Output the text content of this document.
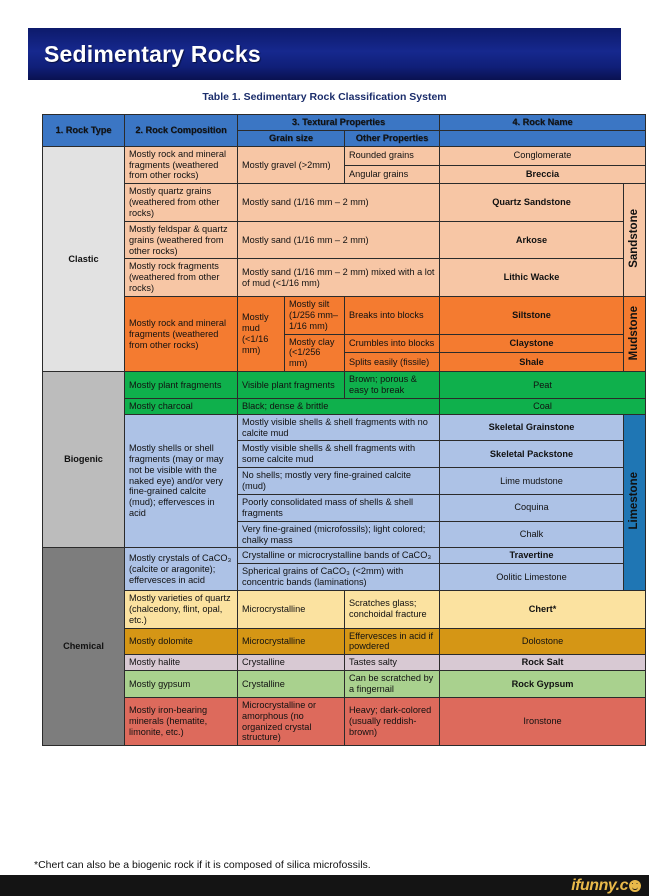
Sedimentary Rocks
Table 1. Sedimentary Rock Classification System
1. Rock Type	2. Rock Composition	3. Textural Properties			4. Rock Name	
		Grain size		Other Properties		
Clastic	Mostly rock and mineral fragments (weathered from other rocks)	Mostly gravel (>2mm)		Rounded grains	Conglomerate	
				Angular grains	Breccia	
	Mostly quartz grains (weathered from other rocks)	Mostly sand (1/16 mm – 2 mm)			Quartz Sandstone	Sandstone
	Mostly feldspar & quartz grains (weathered from other rocks)	Mostly sand (1/16 mm – 2 mm)			Arkose	
	Mostly rock fragments (weathered from other rocks)	Mostly sand (1/16 mm – 2 mm) mixed with a lot of mud (<1/16 mm)			Lithic Wacke	
	Mostly rock and mineral fragments (weathered from other rocks)	Mostly mud (<1/16 mm)	Mostly silt (1/256 mm–1/16 mm)	Breaks into blocks	Siltstone	Mudstone

			Mostly clay (<1/256 mm)	Crumbles into blocks	Claystone	
				Splits easily (fissile)	Shale	
Biogenic	Mostly plant fragments	Visible plant fragments		Brown; porous & easy to break	Peat	
	Mostly charcoal	Black; dense & brittle			Coal	
	Mostly shells or shell fragments (may or may not be visible with the naked eye) and/or very fine-grained calcite (mud); effervesces in acid	Mostly visible shells & shell fragments with no calcite mud			Skeletal Grainstone	Limestone
		Mostly visible shells & shell fragments with some calcite mud			Skeletal Packstone	
		No shells; mostly very fine-grained calcite (mud)			Lime mudstone	
		Poorly consolidated mass of shells & shell fragments			Coquina	
		Very fine-grained (microfossils); light colored; chalky mass			Chalk	
Chemical	Mostly crystals of CaCO₃ (calcite or aragonite); effervesces in acid	Crystalline or microcrystalline bands of CaCO₃			Travertine	
		Spherical grains of CaCO₃ (<2mm) with concentric bands (laminations)			Oolitic Limestone	
	Mostly varieties of quartz (chalcedony, flint, opal, etc.)	Microcrystalline		Scratches glass; conchoidal fracture	Chert*	
	Mostly dolomite	Microcrystalline		Effervesces in acid if powdered	Dolostone	
	Mostly halite	Crystalline		Tastes salty	Rock Salt	
	Mostly gypsum	Crystalline		Can be scratched by a fingernail	Rock Gypsum	
	Mostly iron-bearing minerals (hematite, limonite, etc.)	Microcrystalline or amorphous (no organized crystal structure)		Heavy; dark-colored (usually reddish-brown)	Ironstone	
*Chert can also be a biogenic rock if it is composed of silica microfossils.
ifunny.c
